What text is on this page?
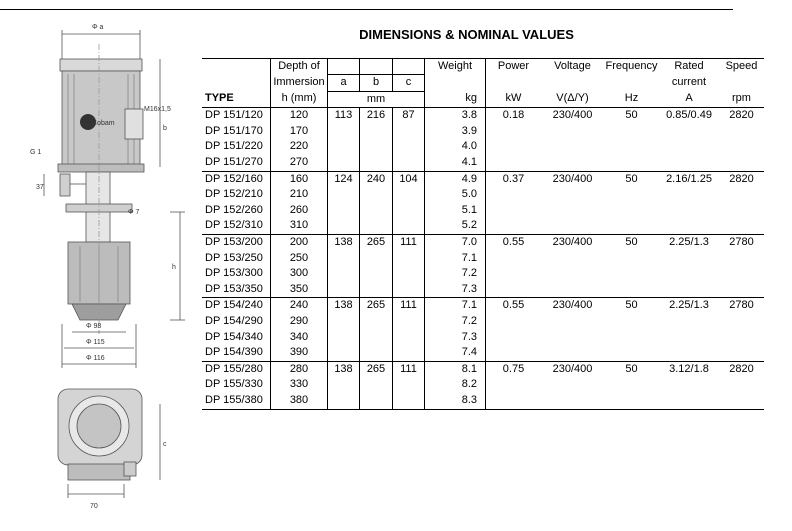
Cobam
Φ a
M16x1,5
b
G 1
37
Φ 7
h
Φ 98
Φ 115
Φ 116
c
70
DIMENSIONS & NOMINAL VALUES
	Depth of				Weight	Power	Voltage	Frequency	Rated	Speed
	Immersion	a	b	c					current	
TYPE	h (mm)	mm			kg	kW	V(Δ/Y)	Hz	A	rpm
DP 151/120	120	113	216	87	3.8	0.18	230/400	50	0.85/0.49	2820
DP 151/170	170				3.9					
DP 151/220	220				4.0					
DP 151/270	270				4.1					
DP 152/160	160	124	240	104	4.9	0.37	230/400	50	2.16/1.25	2820
DP 152/210	210				5.0					
DP 152/260	260				5.1					
DP 152/310	310				5.2					
DP 153/200	200	138	265	111	7.0	0.55	230/400	50	2.25/1.3	2780
DP 153/250	250				7.1					
DP 153/300	300				7.2					
DP 153/350	350				7.3					
DP 154/240	240	138	265	111	7.1	0.55	230/400	50	2.25/1.3	2780
DP 154/290	290				7.2					
DP 154/340	340				7.3					
DP 154/390	390				7.4					
DP 155/280	280	138	265	111	8.1	0.75	230/400	50	3.12/1.8	2820
DP 155/330	330				8.2					
DP 155/380	380				8.3					
